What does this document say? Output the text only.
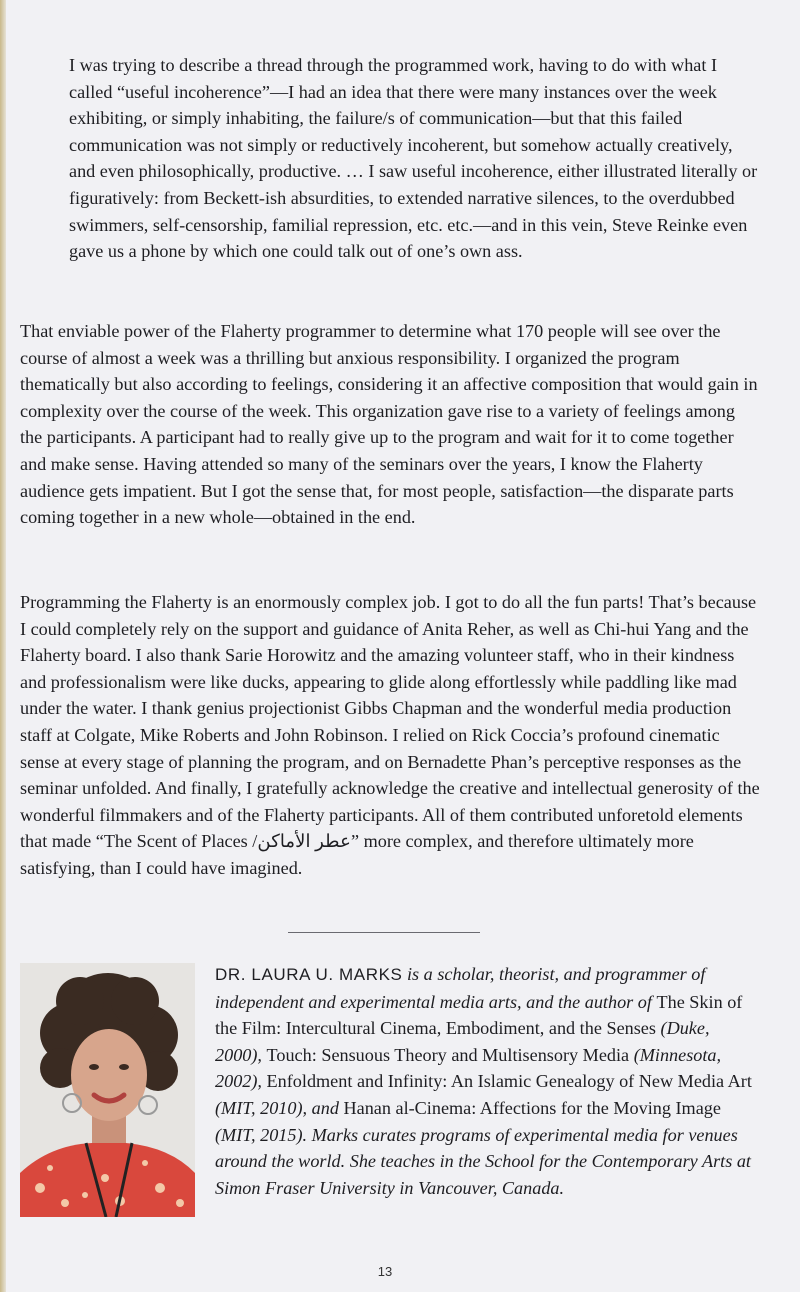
I was trying to describe a thread through the programmed work, having to do with what I called “useful incoherence”—I had an idea that there were many instances over the week exhibiting, or simply inhabiting, the failure/s of communication—but that this failed communication was not simply or reductively incoherent, but somehow actually creatively, and even philosophically, productive. … I saw useful incoherence, either illustrated literally or figuratively: from Beckett-ish absurdities, to extended narrative silences, to the overdubbed swimmers, self-censorship, familial repression, etc. etc.—and in this vein, Steve Reinke even gave us a phone by which one could talk out of one’s own ass.
That enviable power of the Flaherty programmer to determine what 170 people will see over the course of almost a week was a thrilling but anxious responsibility. I organized the program thematically but also according to feelings, considering it an affective composition that would gain in complexity over the course of the week. This organization gave rise to a variety of feelings among the participants. A participant had to really give up to the program and wait for it to come together and make sense. Having attended so many of the seminars over the years, I know the Flaherty audience gets impatient. But I got the sense that, for most people, satisfaction—the disparate parts coming together in a new whole—obtained in the end.
Programming the Flaherty is an enormously complex job. I got to do all the fun parts! That’s because I could completely rely on the support and guidance of Anita Reher, as well as Chi-hui Yang and the Flaherty board. I also thank Sarie Horowitz and the amazing volunteer staff, who in their kindness and professionalism were like ducks, appearing to glide along effortlessly while paddling like mad under the water. I thank genius projectionist Gibbs Chapman and the wonderful media production staff at Colgate, Mike Roberts and John Robinson. I relied on Rick Coccia’s profound cinematic sense at every stage of planning the program, and on Bernadette Phan’s perceptive responses as the seminar unfolded. And finally, I gratefully acknowledge the creative and intellectual generosity of the wonderful filmmakers and of the Flaherty participants. All of them contributed unforetold elements that made “The Scent of Places /عطر الأماكن” more complex, and therefore ultimately more satisfying, than I could have imagined.
DR. LAURA U. MARKS is a scholar, theorist, and programmer of independent and experimental media arts, and the author of The Skin of the Film: Intercultural Cinema, Embodiment, and the Senses (Duke, 2000), Touch: Sensuous Theory and Multisensory Media (Minnesota, 2002), Enfoldment and Infinity: An Islamic Genealogy of New Media Art (MIT, 2010), and Hanan al-Cinema: Affections for the Moving Image (MIT, 2015). Marks curates programs of experimental media for venues around the world. She teaches in the School for the Contemporary Arts at Simon Fraser University in Vancouver, Canada.
13
